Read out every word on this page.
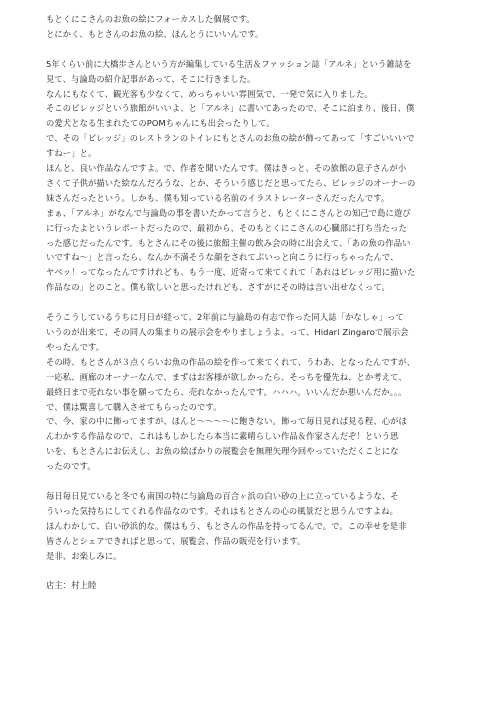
もとくにこさんのお魚の絵にフォーカスした個展です。
とにかく、もとさんのお魚の絵、ほんとうにいいんです。
5年くらい前に大橋歩さんという方が編集している生活＆ファッション誌「アルネ」という雑誌を
見て、与論島の紹介記事があって、そこに行きました。
なんにもなくて、観光客も少なくて、めっちゃいい雰囲気で、一発で気に入りました。
そこのビレッジという旅館がいいよ、と「アルネ」に書いてあったので、そこに泊まり、後日、僕
の愛犬となる生まれたてのPOMちゃんにも出会ったりして。
で、その「ビレッジ」のレストランのトイレにもとさんのお魚の絵が飾ってあって「すごいいいで
すねー」と。
ほんと、良い作品なんですよ。で、作者を聞いたんです。僕はきっと、その旅館の息子さんが小
さくて子供が描いた絵なんだろうな、とか、そういう感じだと思ってたら、ビレッジのオーナーの
妹さんだったという。しかも、僕も知っている名前のイラストレーターさんだったんです。
まぁ、「アルネ」がなんで与論島の事を書いたかって言うと、もとくにこさんとの知己で島に遊び
に行ったよというレポートだったので、最初から、そのもとくにこさんの心臓部に打ち当たった
った感じだったんです。もとさんにその後に旅館主催の飲み会の時に出会えて、「あの魚の作品い
いですね～」と言ったら、なんか不満そうな顔をされてぷいっと向こうに行っちゃったんで、
ヤベッ！ってなったんですけれども、もう一度、近寄って来てくれて「あれはビレッジ用に描いた
作品なの」とのこと。僕も欲しいと思ったけれども、さすがにその時は言い出せなくって。
そうこうしているうちに月日が経って、2年前に与論島の有志で作った同人誌「かなしゃ」って
いうのが出来て、その同人の集まりの展示会をやりましょうよ、って、Hidari Zingaroで展示会
やったんです。
その時、もとさんが３点くらいお魚の作品の絵を作って来てくれて、うわあ、となったんですが、
一応私、画廊のオーナーなんで、まずはお客様が欲しかったら、そっちを優先ね、とか考えて、
最終日まで売れない事を願ってたら、売れなかったんです。ハハハ。いいんだか悪いんだか。。。
で、僕は驚喜して購入させてもらったのです。
で、今、家の中に飾ってますが、ほんと〜〜〜〜に飽きない。飾って毎日見れば見る程、心がほ
んわかする作品なので、これはもしかしたら本当に素晴らしい作品＆作家さんだぞ！という思
いを、もとさんにお伝えし、お魚の絵ばかりの展覧会を無理矢理今回やっていただくことにな
ったのです。
毎日毎日見ていると冬でも南国の特に与論島の百合ヶ浜の白い砂の上に立っているような、そ
ういった気持ちにしてくれる作品なのです。それはもとさんの心の風景だと思うんですよね。
ほんわかして、白い砂浜的な。僕はもう、もとさんの作品を持ってるんで。で。この幸せを是非
皆さんとシェアできればと思って、展覧会、作品の販売を行います。
是非、お楽しみに。
店主：村上睦
